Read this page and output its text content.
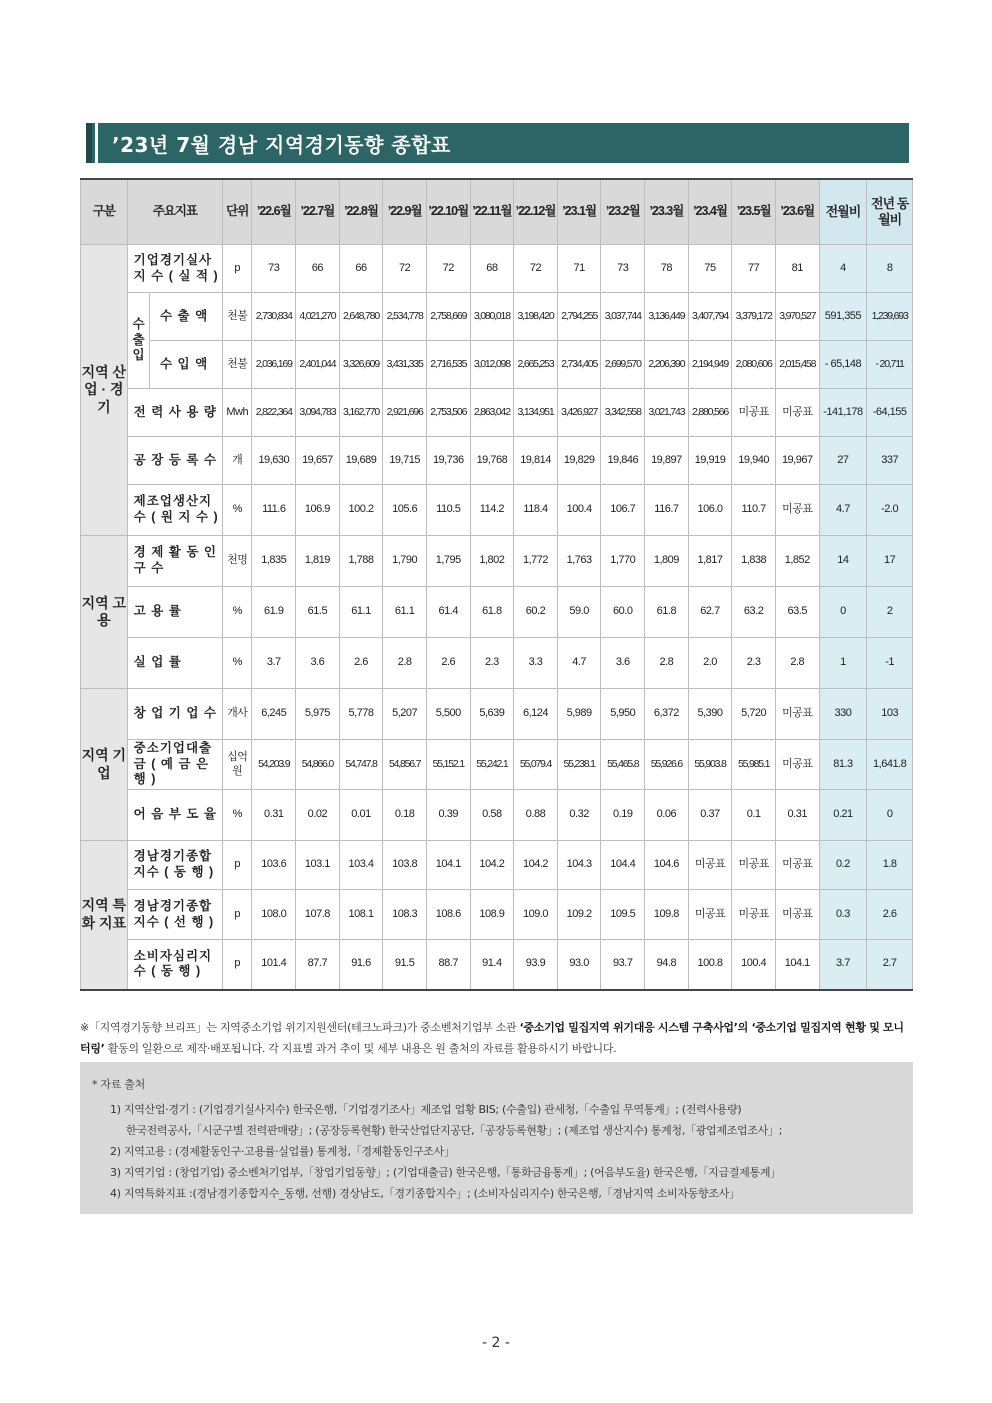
’23년 7월 경남 지역경기동향 종합표
구분	주요지표		단위	’22.6월	’22.7월	’22.8월	’22.9월	’22.10월	’22.11월	’22.12월	’23.1월	’23.2월	’23.3월	’23.4월	’23.5월	’23.6월	전월비	전년 동월비
지역 산업 · 경기	기업경기실사 지 수 ( 실 적 )		p	73	66	66	72	72	68	72	71	73	78	75	77	81	4	8
	수 출 입	수 출 액	천불	2,730,834	4,021,270	2,648,780	2,534,778	2,758,669	3,080,018	3,198,420	2,794,255	3,037,744	3,136,449	3,407,794	3,379,172	3,970,527	591,355	1,239,693
		수 입 액	천불	2,036,169	2,401,044	3,326,609	3,431,335	2,716,535	3,012,098	2,665,253	2,734,405	2,699,570	2,206,390	2,194,949	2,080,606	2,015,458	- 65,148	- 20,711
	전 력 사 용 량		Mwh	2,822,364	3,094,783	3,162,770	2,921,696	2,753,506	2,863,042	3,134,951	3,426,927	3,342,558	3,021,743	2,880,566	미공표	미공표	-141,178	-64,155
	공 장 등 록 수		개	19,630	19,657	19,689	19,715	19,736	19,768	19,814	19,829	19,846	19,897	19,919	19,940	19,967	27	337
	제조업생산지수 ( 원 지 수 )		%	111.6	106.9	100.2	105.6	110.5	114.2	118.4	100.4	106.7	116.7	106.0	110.7	미공표	4.7	-2.0
지역 고용	경 제 활 동 인 구 수		천명	1,835	1,819	1,788	1,790	1,795	1,802	1,772	1,763	1,770	1,809	1,817	1,838	1,852	14	17
	고 용 률		%	61.9	61.5	61.1	61.1	61.4	61.8	60.2	59.0	60.0	61.8	62.7	63.2	63.5	0	2
	실 업 률		%	3.7	3.6	2.6	2.8	2.6	2.3	3.3	4.7	3.6	2.8	2.0	2.3	2.8	1	-1
지역 기업	창 업 기 업 수		개사	6,245	5,975	5,778	5,207	5,500	5,639	6,124	5,989	5,950	6,372	5,390	5,720	미공표	330	103
	중소기업대출금 ( 예 금 은 행 )		십억원	54,203.9	54,866.0	54,747.8	54,856.7	55,152.1	55,242.1	55,079.4	55,238.1	55,465.8	55,926.6	55,903.8	55,985.1	미공표	81.3	1,641.8
	어 음 부 도 율		%	0.31	0.02	0.01	0.18	0.39	0.58	0.88	0.32	0.19	0.06	0.37	0.1	0.31	0.21	0
지역 특화 지표	경남경기종합지수 ( 동 행 )		p	103.6	103.1	103.4	103.8	104.1	104.2	104.2	104.3	104.4	104.6	미공표	미공표	미공표	0.2	1.8
	경남경기종합지수 ( 선 행 )		p	108.0	107.8	108.1	108.3	108.6	108.9	109.0	109.2	109.5	109.8	미공표	미공표	미공표	0.3	2.6
	소비자심리지수 ( 동 행 )		p	101.4	87.7	91.6	91.5	88.7	91.4	93.9	93.0	93.7	94.8	100.8	100.4	104.1	3.7	2.7
※「지역경기동향 브리프」는 지역중소기업 위기지원센터(테크노파크)가 중소벤처기업부 소관 ‘중소기업 밀집지역 위기대응 시스템 구축사업’의 ‘중소기업 밀집지역 현황 및 모니터링’ 활동의 일환으로 제작·배포됩니다. 각 지표별 과거 추이 및 세부 내용은 원 출처의 자료를 활용하시기 바랍니다.
* 자료 출처
1) 지역산업·경기 : (기업경기실사지수) 한국은행,「기업경기조사」제조업 업황 BIS; (수출입) 관세청,「수출입 무역통계」; (전력사용량)
한국전력공사,「시군구별 전력판매량」; (공장등록현황) 한국산업단지공단,「공장등록현황」; (제조업 생산지수) 통계청,「광업제조업조사」;
2) 지역고용 : (경제활동인구·고용률·실업률) 통계청,「경제활동인구조사」
3) 지역기업 : (창업기업) 중소벤처기업부,「창업기업동향」; (기업대출금) 한국은행,「통화금융통계」; (어음부도율) 한국은행,「지급결제통계」
4) 지역특화지표 :(경남경기종합지수_동행, 선행) 경상남도,「경기종합지수」; (소비자심리지수) 한국은행,「경남지역 소비자동향조사」
- 2 -
